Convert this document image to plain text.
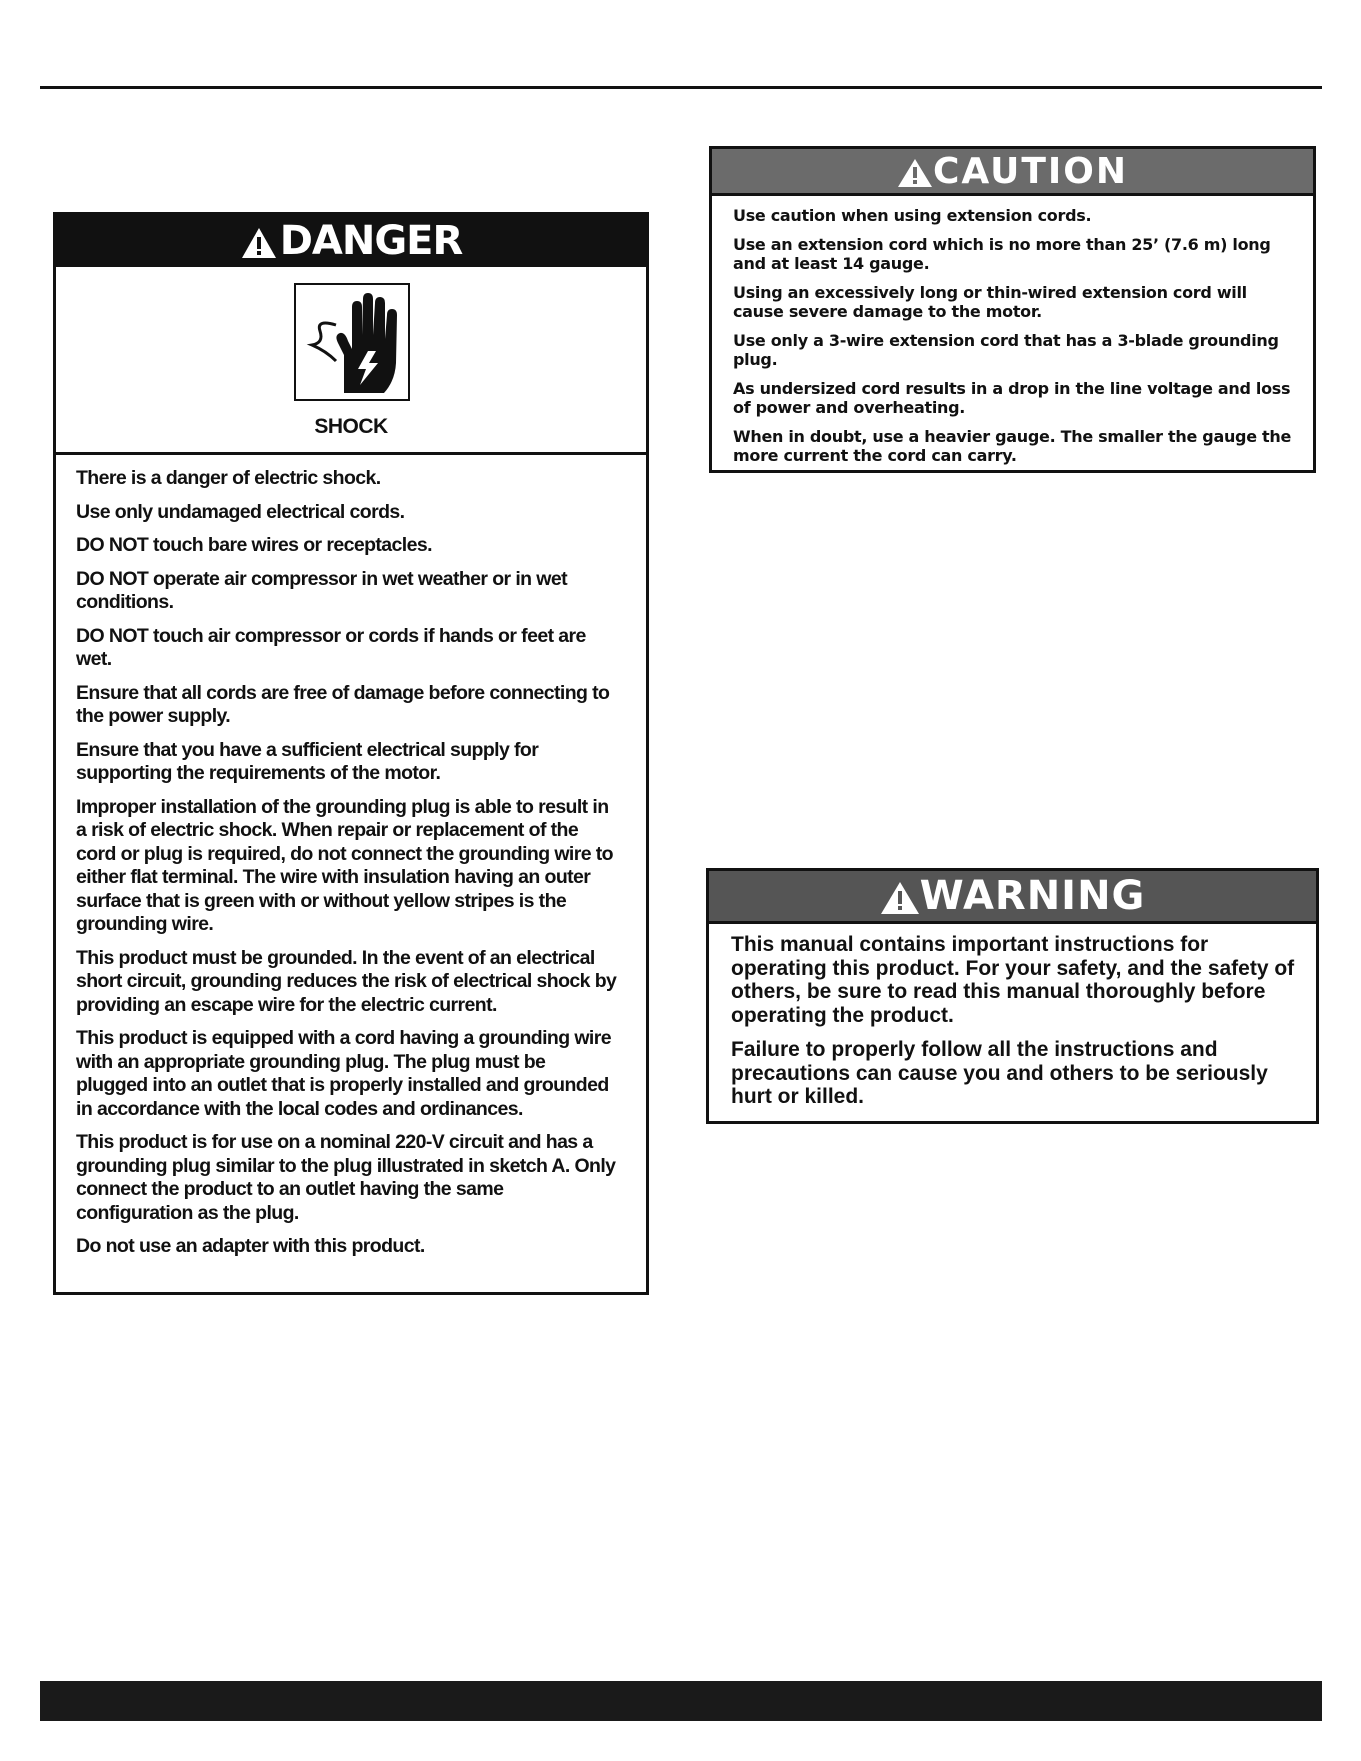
DANGER
SHOCK

There is a danger of electric shock.

Use only undamaged electrical cords.

DO NOT touch bare wires or receptacles.

DO NOT operate air compressor in wet weather or in wet conditions.

DO NOT touch air compressor or cords if hands or feet are wet.

Ensure that all cords are free of damage before connecting to the power supply.

Ensure that you have a sufficient electrical supply for supporting the requirements of the motor.

Improper installation of the grounding plug is able to result in a risk of electric shock. When repair or replacement of the cord or plug is required, do not connect the grounding wire to either flat terminal. The wire with insulation having an outer surface that is green with or without yellow stripes is the grounding wire.

This product must be grounded. In the event of an electrical short circuit, grounding reduces the risk of electrical shock by providing an escape wire for the electric current.

This product is equipped with a cord having a grounding wire with an appropriate grounding plug. The plug must be plugged into an outlet that is properly installed and grounded in accordance with the local codes and ordinances.

This product is for use on a nominal 220-V circuit and has a grounding plug similar to the plug illustrated in sketch A. Only connect the product to an outlet having the same configuration as the plug.

Do not use an adapter with this product.

CAUTION

Use caution when using extension cords.

Use an extension cord which is no more than 25’ (7.6 m) long and at least 14 gauge.

Using an excessively long or thin-wired extension cord will cause severe damage to the motor.

Use only a 3-wire extension cord that has a 3-blade grounding plug.

As undersized cord results in a drop in the line voltage and loss of power and overheating.

When in doubt, use a heavier gauge. The smaller the gauge the more current the cord can carry.

WARNING

This manual contains important instructions for operating this product. For your safety, and the safety of others, be sure to read this manual thoroughly before operating the product.

Failure to properly follow all the instructions and precautions can cause you and others to be seriously hurt or killed.
